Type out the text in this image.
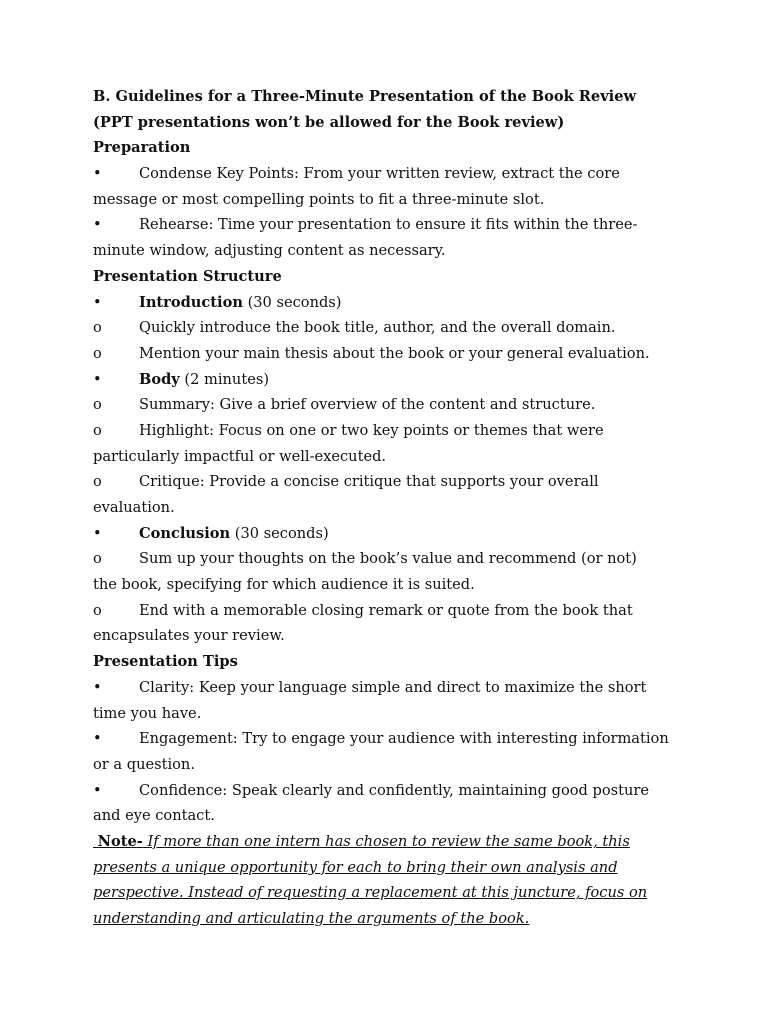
B. Guidelines for a Three-Minute Presentation of the Book Review
(PPT presentations won’t be allowed for the Book review)
Preparation
•	Condense Key Points: From your written review, extract the core
message or most compelling points to fit a three-minute slot.
•	Rehearse: Time your presentation to ensure it fits within the three-
minute window, adjusting content as necessary.
Presentation Structure
•	Introduction (30 seconds)
o	Quickly introduce the book title, author, and the overall domain.
o	Mention your main thesis about the book or your general evaluation.
•	Body (2 minutes)
o	Summary: Give a brief overview of the content and structure.
o	Highlight: Focus on one or two key points or themes that were
particularly impactful or well-executed.
o	Critique: Provide a concise critique that supports your overall
evaluation.
•	Conclusion (30 seconds)
o	Sum up your thoughts on the book’s value and recommend (or not)
the book, specifying for which audience it is suited.
o	End with a memorable closing remark or quote from the book that
encapsulates your review.
Presentation Tips
•	Clarity: Keep your language simple and direct to maximize the short
time you have.
•	Engagement: Try to engage your audience with interesting information
or a question.
•	Confidence: Speak clearly and confidently, maintaining good posture
and eye contact.
Note- If more than one intern has chosen to review the same book, this
presents a unique opportunity for each to bring their own analysis and
perspective. Instead of requesting a replacement at this juncture, focus on
understanding and articulating the arguments of the book.
